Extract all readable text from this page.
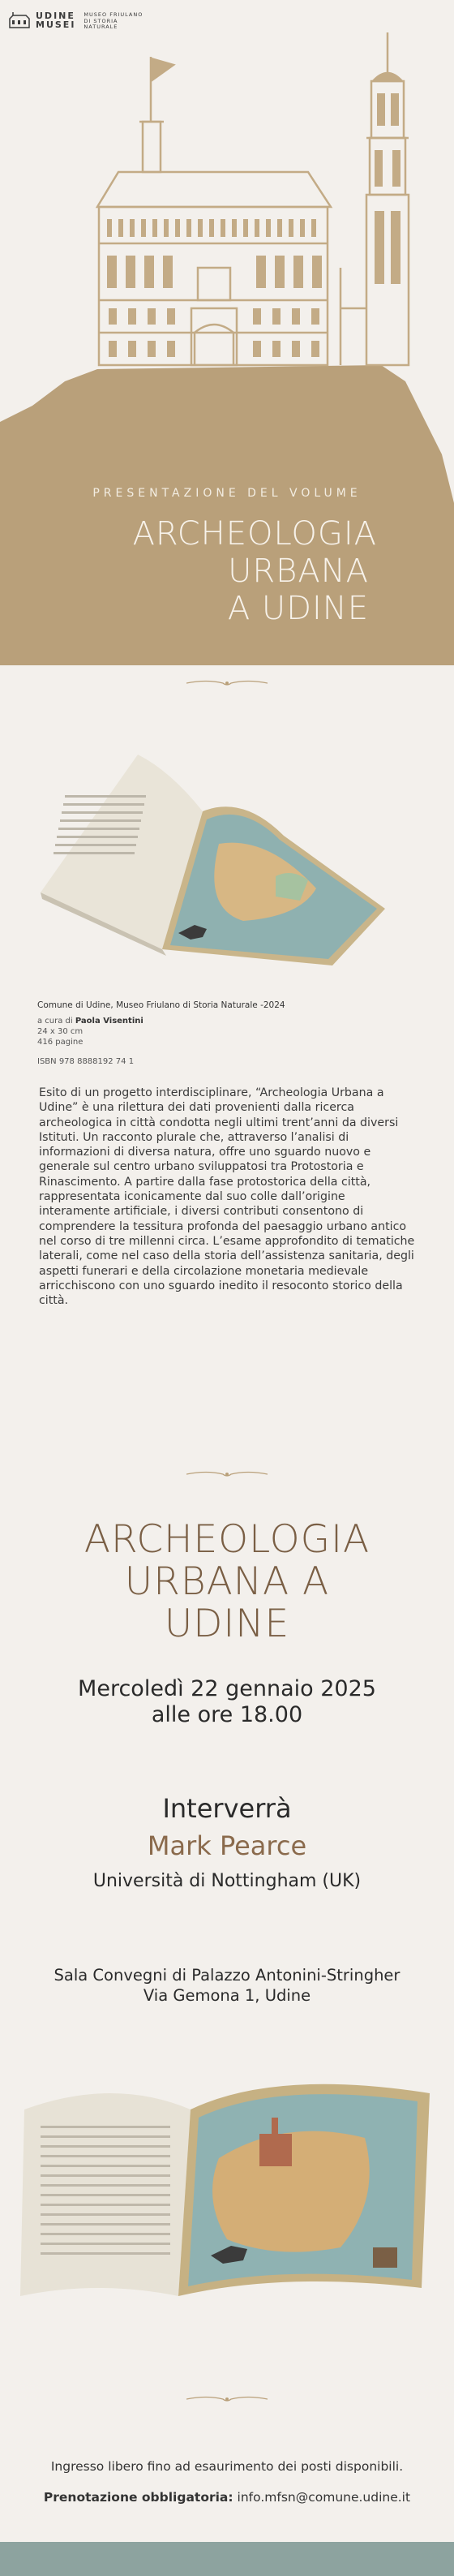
UDINE
MUSEI
MUSEO FRIULANO
DI STORIA
NATURALE
PRESENTAZIONE DEL VOLUME
ARCHEOLOGIA
URBANA
A UDINE
Comune di Udine, Museo Friulano di Storia Naturale -2024
a cura di Paola Visentini
24 x 30 cm
416 pagine
ISBN 978 8888192 74 1
Esito di un progetto interdisciplinare, “Archeologia Urbana a Udine” è una rilettura dei dati provenienti dalla ricerca archeologica in città condotta negli ultimi trent’anni da diversi Istituti. Un racconto plurale che, attraverso l’analisi di informazioni di diversa natura, offre uno sguardo nuovo e generale sul centro urbano sviluppatosi tra Protostoria e Rinascimento. A partire dalla fase protostorica della città, rappresentata iconicamente dal suo colle dall’origine interamente artificiale, i diversi contributi consentono di comprendere la tessitura profonda del paesaggio urbano antico nel corso di tre millenni circa. L’esame approfondito di tematiche laterali, come nel caso della storia dell’assistenza sanitaria, degli aspetti funerari e della circolazione monetaria medievale arricchiscono con uno sguardo inedito il resoconto storico della città.
ARCHEOLOGIA
URBANA A
UDINE
Mercoledì 22 gennaio 2025
alle ore 18.00
Interverrà
Mark Pearce
Università di Nottingham (UK)
Sala Convegni di Palazzo Antonini-Stringher
Via Gemona 1, Udine
Ingresso libero fino ad esaurimento dei posti disponibili.
Prenotazione obbligatoria: info.mfsn@comune.udine.it
